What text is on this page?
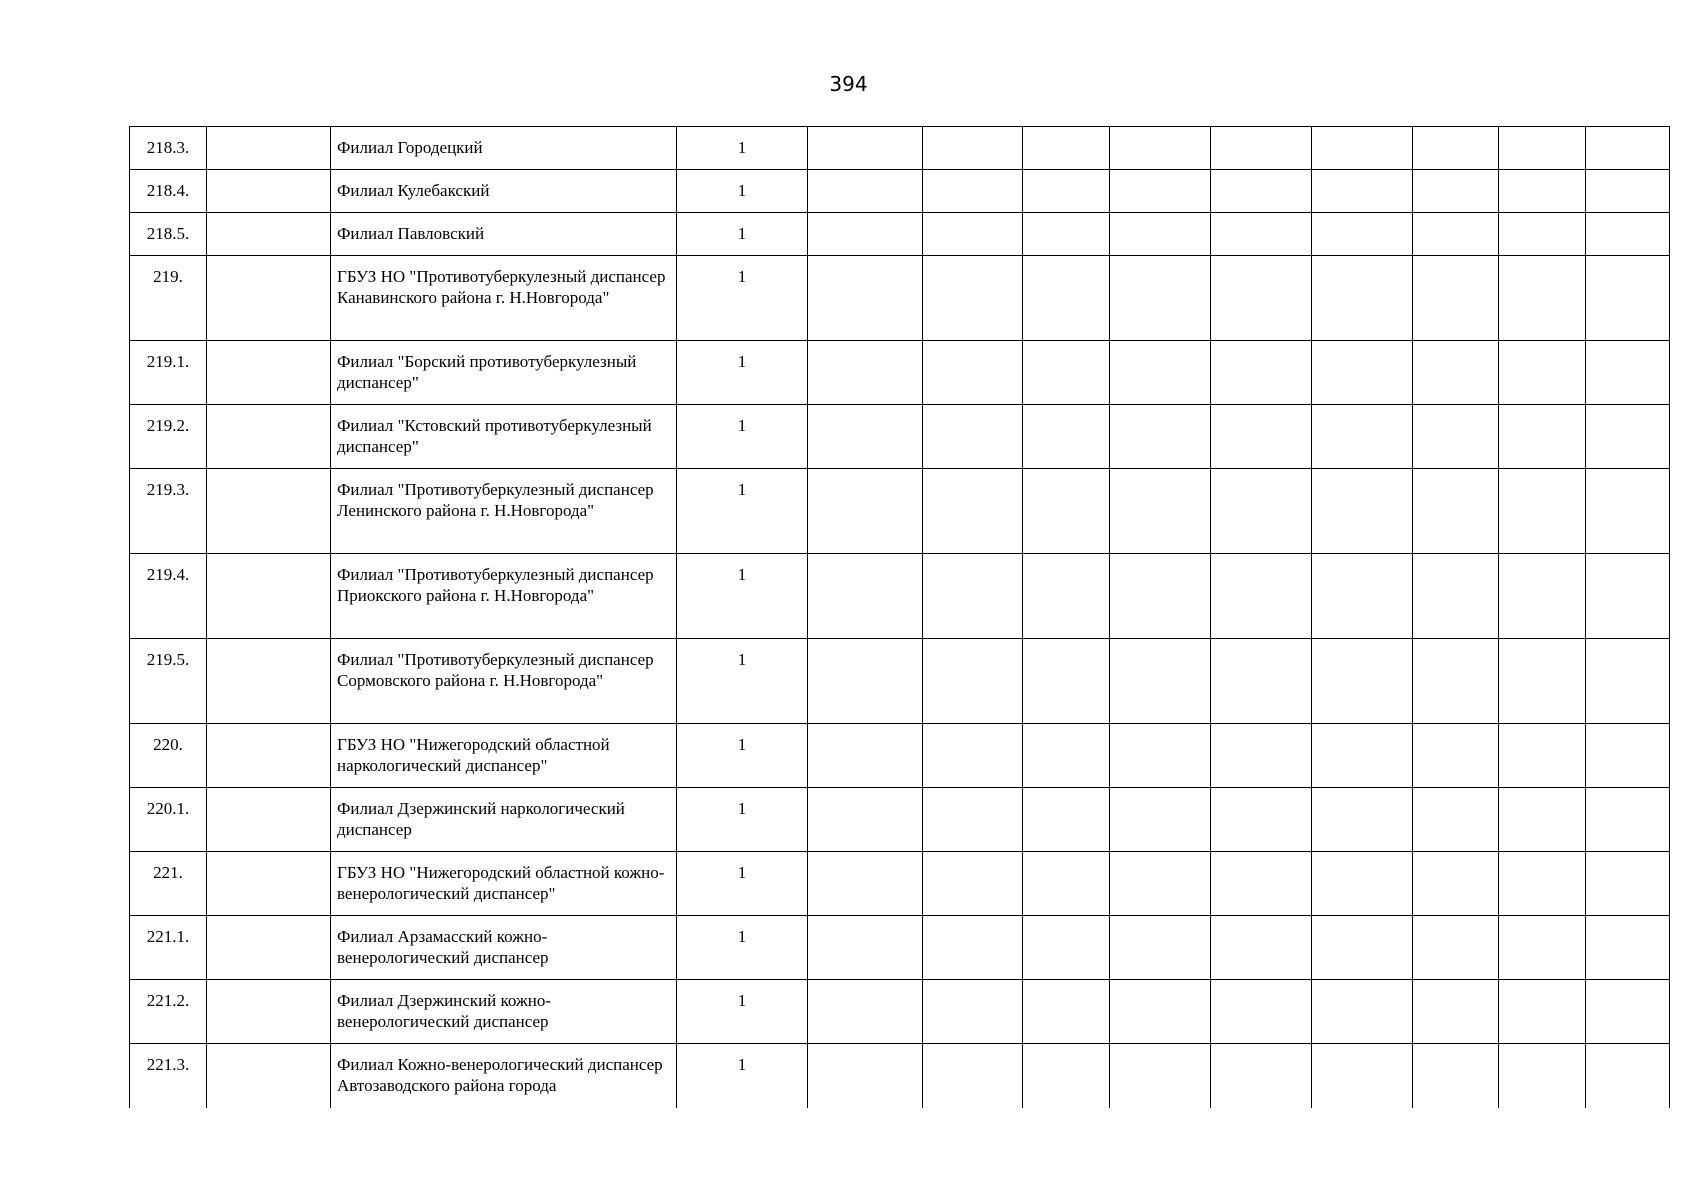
394
218.3.		Филиал Городецкий	1									
218.4.		Филиал Кулебакский	1									
218.5.		Филиал Павловский	1									
219.		ГБУЗ НО "Противотуберкулезный диспансер Канавинского района г. Н.Новгорода"	1									
219.1.		Филиал "Борский противотуберкулезный диспансер"	1									
219.2.		Филиал "Кстовский противотуберкулезный диспансер"	1									
219.3.		Филиал "Противотуберкулезный диспансер Ленинского района г. Н.Новгорода"	1									
219.4.		Филиал "Противотуберкулезный диспансер Приокского района г. Н.Новгорода"	1									
219.5.		Филиал "Противотуберкулезный диспансер Сормовского района г. Н.Новгорода"	1									
220.		ГБУЗ НО "Нижегородский областной наркологический диспансер"	1									
220.1.		Филиал Дзержинский наркологический диспансер	1									
221.		ГБУЗ НО "Нижегородский областной кожно-венерологический диспансер"	1									
221.1.		Филиал Арзамасский кожно-венерологический диспансер	1									
221.2.		Филиал Дзержинский кожно-венерологический диспансер	1									
221.3.		Филиал Кожно-венерологический диспансер Автозаводского района города	1									
